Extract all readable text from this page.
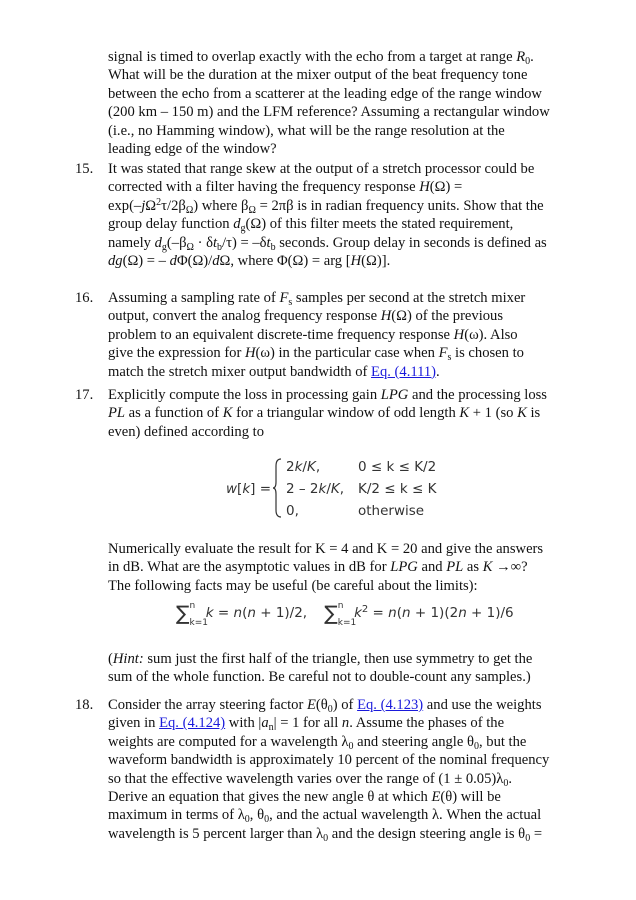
signal is timed to overlap exactly with the echo from a target at range $R_0$.
What will be the duration at the mixer output of the beat frequency tone
between the echo from a scatterer at the leading edge of the range window
(200 km – 150 m) and the LFM reference? Assuming a rectangular window
(i.e., no Hamming window), what will be the range resolution at the
leading edge of the window?
15.	It was stated that range skew at the output of a stretch processor could be
corrected with a filter having the frequency response H(Ω) =
$\exp(-j\Omega^2\tau/2\beta_\Omega)$ where $\beta_\Omega = 2\pi\beta$ is in radian frequency units. Show that the
group delay function $d_g(\Omega)$ of this filter meets the stated requirement,
namely $d_g(-\beta_\Omega \cdot \delta t_b/\tau) = -\delta t_b$ seconds. Group delay in seconds is defined as
dg(Ω) = – dΦ(Ω)/dΩ, where Φ(Ω) = arg [H(Ω)].
16.	Assuming a sampling rate of $F_s$ samples per second at the stretch mixer
output, convert the analog frequency response H(Ω) of the previous
problem to an equivalent discrete-time frequency response H(ω). Also
give the expression for H(ω) in the particular case when $F_s$ is chosen to
match the stretch mixer output bandwidth of Eq. (4.111).
17.	Explicitly compute the loss in processing gain LPG and the processing loss
PL as a function of K for a triangular window of odd length K + 1 (so K is
even) defined according to
w[k] =
2k/K,	0 ≤ k ≤ K/2
2 – 2k/K, K/2 ≤ k ≤ K
0,	otherwise
Numerically evaluate the result for K = 4 and K = 20 and give the answers
in dB. What are the asymptotic values in dB for LPG and PL as K →∞?
The following facts may be useful (be careful about the limits):
∑ n
k=1
k = n(n + 1)/2, ∑ n
k=1
$k^2 = n(n + 1)(2n + 1)/6$
(Hint: sum just the first half of the triangle, then use symmetry to get the
sum of the whole function. Be careful not to double-count any samples.)
18.	Consider the array steering factor $E(\theta_0)$ of Eq. (4.123) and use the weights
given in Eq. (4.124) with $|a_n| = 1$ for all n. Assume the phases of the
weights are computed for a wavelength $\lambda_0$ and steering angle $\theta_0$, but the
waveform bandwidth is approximately 10 percent of the nominal frequency
so that the effective wavelength varies over the range of $(1 \pm 0.05)\lambda_0$.
Derive an equation that gives the new angle θ at which E(θ) will be
maximum in terms of $\lambda_0$, $\theta_0$, and the actual wavelength λ. When the actual
wavelength is 5 percent larger than $\lambda_0$ and the design steering angle is $\theta_0$ =
